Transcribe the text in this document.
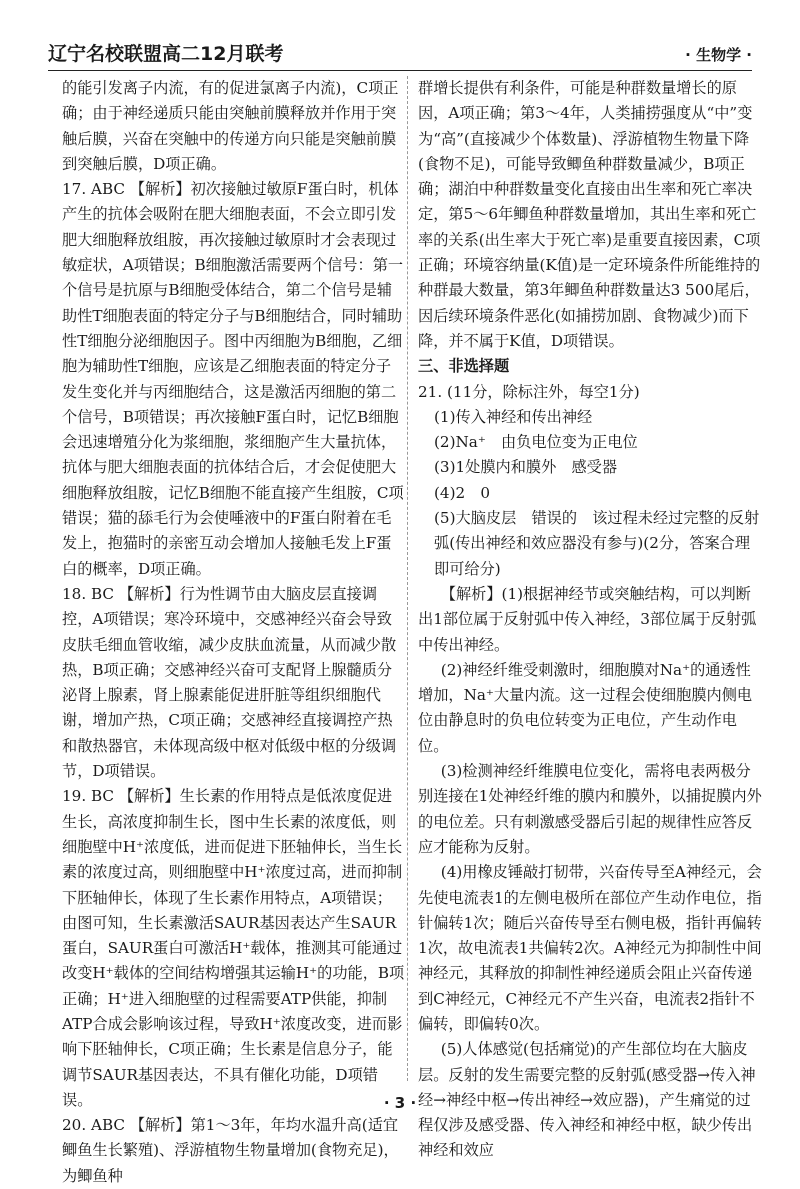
辽宁名校联盟高二12月联考	· 生物学 ·

的能引发离子内流，有的促进氯离子内流)，C项正确；由于神经递质只能由突触前膜释放并作用于突触后膜，兴奋在突触中的传递方向只能是突触前膜到突触后膜，D项正确。

17. ABC 【解析】初次接触过敏原F蛋白时，机体产生的抗体会吸附在肥大细胞表面，不会立即引发肥大细胞释放组胺，再次接触过敏原时才会表现过敏症状，A项错误；B细胞激活需要两个信号：第一个信号是抗原与B细胞受体结合，第二个信号是辅助性T细胞表面的特定分子与B细胞结合，同时辅助性T细胞分泌细胞因子。图中丙细胞为B细胞，乙细胞为辅助性T细胞，应该是乙细胞表面的特定分子发生变化并与丙细胞结合，这是激活丙细胞的第二个信号，B项错误；再次接触F蛋白时，记忆B细胞会迅速增殖分化为浆细胞，浆细胞产生大量抗体，抗体与肥大细胞表面的抗体结合后，才会促使肥大细胞释放组胺，记忆B细胞不能直接产生组胺，C项错误；猫的舔毛行为会使唾液中的F蛋白附着在毛发上，抱猫时的亲密互动会增加人接触毛发上F蛋白的概率，D项正确。

18. BC 【解析】行为性调节由大脑皮层直接调控，A项错误；寒冷环境中，交感神经兴奋会导致皮肤毛细血管收缩，减少皮肤血流量，从而减少散热，B项正确；交感神经兴奋可支配肾上腺髓质分泌肾上腺素，肾上腺素能促进肝脏等组织细胞代谢，增加产热，C项正确；交感神经直接调控产热和散热器官，未体现高级中枢对低级中枢的分级调节，D项错误。

19. BC 【解析】生长素的作用特点是低浓度促进生长，高浓度抑制生长，图中生长素的浓度低，则细胞壁中H⁺浓度低，进而促进下胚轴伸长，当生长素的浓度过高，则细胞壁中H⁺浓度过高，进而抑制下胚轴伸长，体现了生长素作用特点，A项错误；由图可知，生长素激活SAUR基因表达产生SAUR蛋白，SAUR蛋白可激活H⁺载体，推测其可能通过改变H⁺载体的空间结构增强其运输H⁺的功能，B项正确；H⁺进入细胞壁的过程需要ATP供能，抑制ATP合成会影响该过程，导致H⁺浓度改变，进而影响下胚轴伸长，C项正确；生长素是信息分子，能调节SAUR基因表达，不具有催化功能，D项错误。

20. ABC 【解析】第1～3年，年均水温升高(适宜鲫鱼生长繁殖)、浮游植物生物量增加(食物充足)，为鲫鱼种

群增长提供有利条件，可能是种群数量增长的原因，A项正确；第3～4年，人类捕捞强度从“中”变为“高”(直接减少个体数量)、浮游植物生物量下降(食物不足)，可能导致鲫鱼种群数量减少，B项正确；湖泊中种群数量变化直接由出生率和死亡率决定，第5～6年鲫鱼种群数量增加，其出生率和死亡率的关系(出生率大于死亡率)是重要直接因素，C项正确；环境容纳量(K值)是一定环境条件所能维持的种群最大数量，第3年鲫鱼种群数量达3 500尾后，因后续环境条件恶化(如捕捞加剧、食物减少)而下降，并不属于K值，D项错误。

三、非选择题

21. (11分，除标注外，每空1分)

(1)传入神经和传出神经

(2)Na⁺　由负电位变为正电位

(3)1处膜内和膜外　感受器

(4)2　0

(5)大脑皮层　错误的　该过程未经过完整的反射弧(传出神经和效应器没有参与)(2分，答案合理即可给分)

【解析】(1)根据神经节或突触结构，可以判断出1部位属于反射弧中传入神经，3部位属于反射弧中传出神经。

(2)神经纤维受刺激时，细胞膜对Na⁺的通透性增加，Na⁺大量内流。这一过程会使细胞膜内侧电位由静息时的负电位转变为正电位，产生动作电位。

(3)检测神经纤维膜电位变化，需将电表两极分别连接在1处神经纤维的膜内和膜外，以捕捉膜内外的电位差。只有刺激感受器后引起的规律性应答反应才能称为反射。

(4)用橡皮锤敲打韧带，兴奋传导至A神经元，会先使电流表1的左侧电极所在部位产生动作电位，指针偏转1次；随后兴奋传导至右侧电极，指针再偏转1次，故电流表1共偏转2次。A神经元为抑制性中间神经元，其释放的抑制性神经递质会阻止兴奋传递到C神经元，C神经元不产生兴奋，电流表2指针不偏转，即偏转0次。

(5)人体感觉(包括痛觉)的产生部位均在大脑皮层。反射的发生需要完整的反射弧(感受器→传入神经→神经中枢→传出神经→效应器)，产生痛觉的过程仅涉及感受器、传入神经和神经中枢，缺少传出神经和效应

· 3 ·
